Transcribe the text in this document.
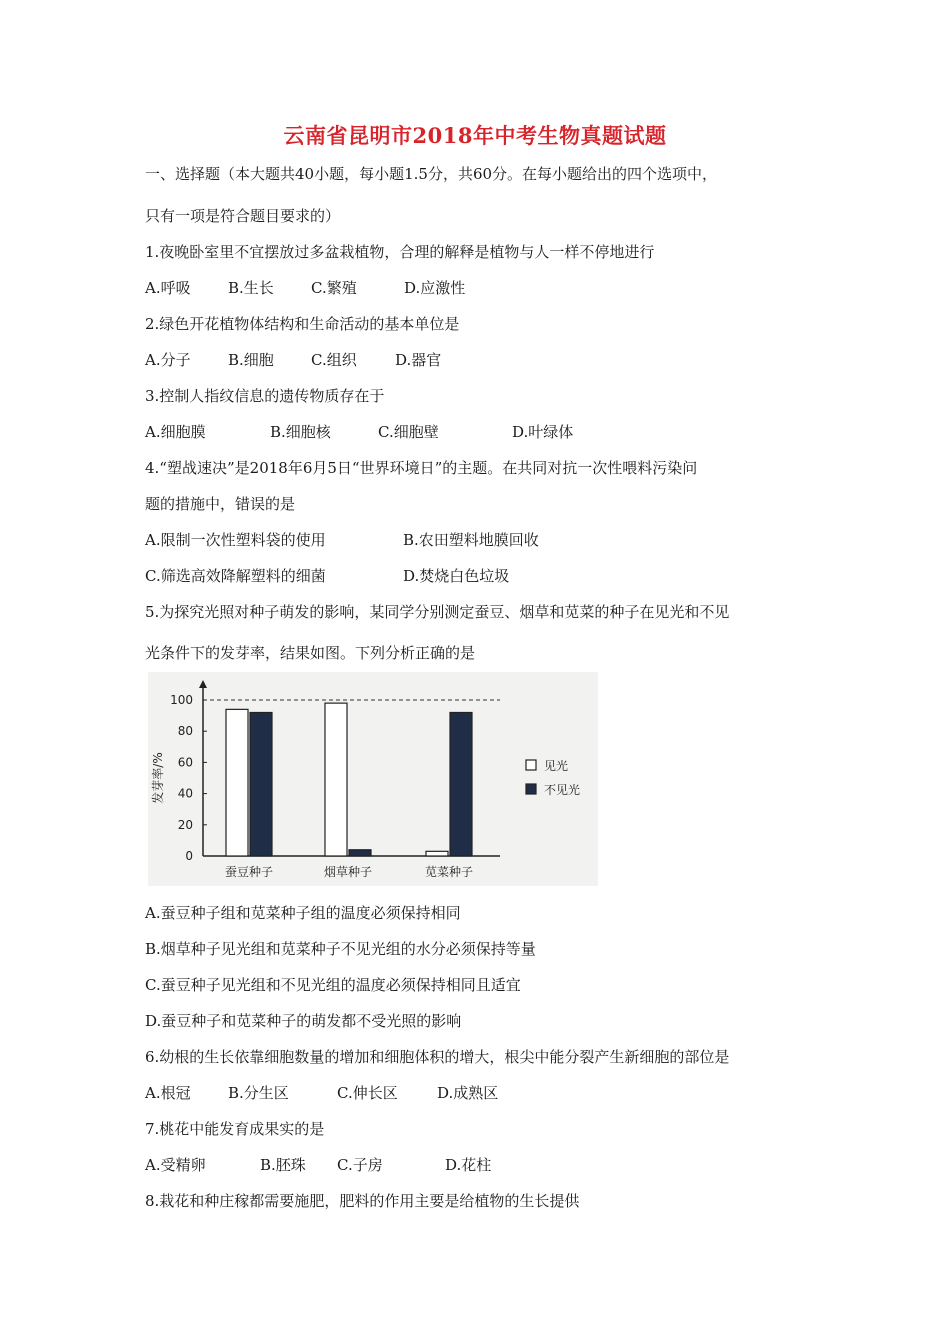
云南省昆明市2018年中考生物真题试题
一、选择题（本大题共40小题，每小题1.5分，共60分。在每小题给出的四个选项中，
只有一项是符合题目要求的）
1.夜晚卧室里不宜摆放过多盆栽植物，合理的解释是植物与人一样不停地进行
A.呼吸 B.生长 C.繁殖	D.应激性
2.绿色开花植物体结构和生命活动的基本单位是
A.分子 B.细胞 C.组织	D.器官
3.控制人指纹信息的遗传物质存在于
A.细胞膜	B.细胞核	C.细胞壁	D.叶绿体
4.“塑战速决”是2018年6月5日“世界环境日”的主题。在共同对抗一次性喂料污染问
题的措施中，错误的是
A.限制一次性塑料袋的使用	B.农田塑料地膜回收
C.筛选高效降解塑料的细菌	D.焚烧白色垃圾
5.为探究光照对种子萌发的影响，某同学分别测定蚕豆、烟草和苋菜的种子在见光和不见
光条件下的发芽率，结果如图。下列分析正确的是
0
20
40
60
80
100
发芽率/%
蚕豆种子	烟草种子	苋菜种子
见光
不见光
A.蚕豆种子组和苋菜种子组的温度必须保持相同
B.烟草种子见光组和苋菜种子不见光组的水分必须保持等量
C.蚕豆种子见光组和不见光组的温度必须保持相同且适宜
D.蚕豆种子和苋菜种子的萌发都不受光照的影响
6.幼根的生长依靠细胞数量的增加和细胞体积的增大，根尖中能分裂产生新细胞的部位是
A.根冠 B.分生区	C.伸长区	D.成熟区
7.桃花中能发育成果实的是
A.受精卵	B.胚珠 C.子房	D.花柱
8.栽花和种庄稼都需要施肥，肥料的作用主要是给植物的生长提供
